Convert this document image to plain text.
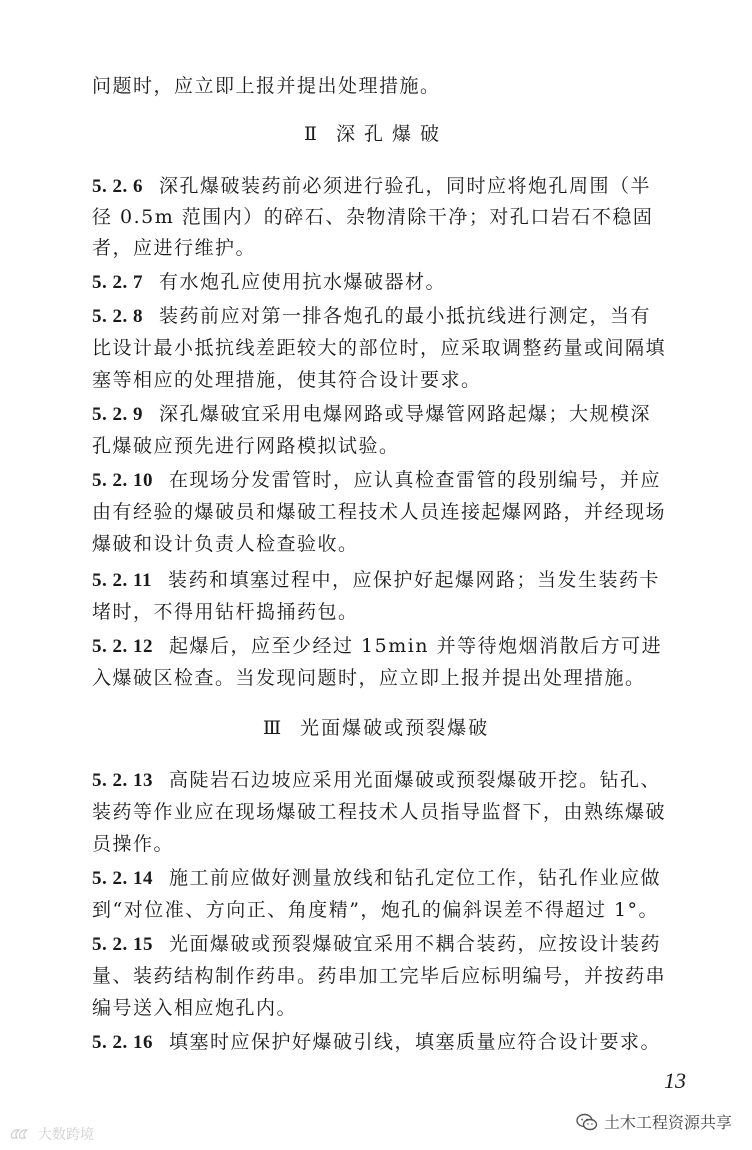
问题时，应立即上报并提出处理措施。
Ⅱ 深孔爆破
5. 2. 6 深孔爆破装药前必须进行验孔，同时应将炮孔周围（半
径 0.5m 范围内）的碎石、杂物清除干净；对孔口岩石不稳固
者，应进行维护。
5. 2. 7 有水炮孔应使用抗水爆破器材。
5. 2. 8 装药前应对第一排各炮孔的最小抵抗线进行测定，当有
比设计最小抵抗线差距较大的部位时，应采取调整药量或间隔填
塞等相应的处理措施，使其符合设计要求。
5. 2. 9 深孔爆破宜采用电爆网路或导爆管网路起爆；大规模深
孔爆破应预先进行网路模拟试验。
5. 2. 10 在现场分发雷管时，应认真检查雷管的段别编号，并应
由有经验的爆破员和爆破工程技术人员连接起爆网路，并经现场
爆破和设计负责人检查验收。
5. 2. 11 装药和填塞过程中，应保护好起爆网路；当发生装药卡
堵时，不得用钻杆捣捅药包。
5. 2. 12 起爆后，应至少经过 15min 并等待炮烟消散后方可进
入爆破区检查。当发现问题时，应立即上报并提出处理措施。
Ⅲ 光面爆破或预裂爆破
5. 2. 13 高陡岩石边坡应采用光面爆破或预裂爆破开挖。钻孔、
装药等作业应在现场爆破工程技术人员指导监督下，由熟练爆破
员操作。
5. 2. 14 施工前应做好测量放线和钻孔定位工作，钻孔作业应做
到“对位准、方向正、角度精”，炮孔的偏斜误差不得超过 1°。
5. 2. 15 光面爆破或预裂爆破宜采用不耦合装药，应按设计装药
量、装药结构制作药串。药串加工完毕后应标明编号，并按药串
编号送入相应炮孔内。
5. 2. 16 填塞时应保护好爆破引线，填塞质量应符合设计要求。
13
土木工程资源共享
大数跨境
